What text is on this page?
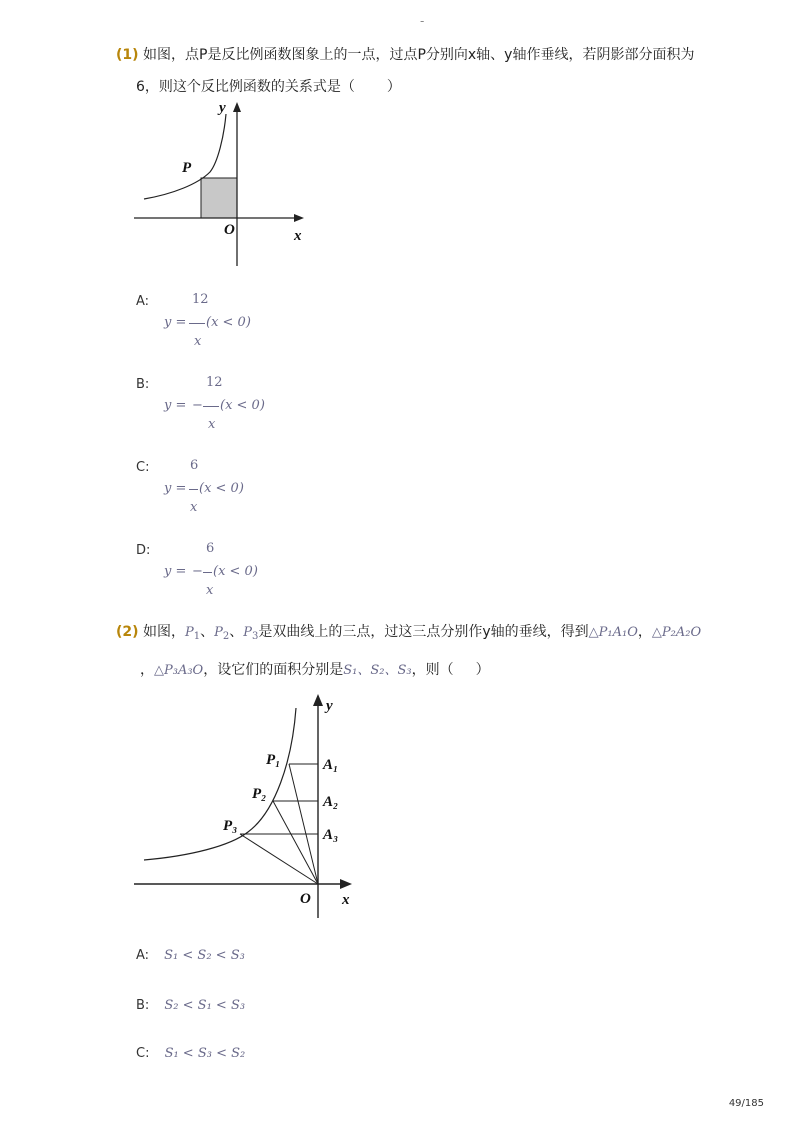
-
(1) 如图，点P是反比例函数图象上的一点，过点P分别向x轴、y轴作垂线，若阴影部分面积为
6，则这个反比例函数的关系式是（ ）
y
x
O
P
A:	12
y = (x < 0)
x
B:	12
y = − (x < 0)
x
C:	6
y = (x < 0)
x
D:	6
y = − (x < 0)
x
(2) 如图，$P_1$、$P_2$、$P_3$是双曲线上的三点，过这三点分别作y轴的垂线，得到△P₁A₁O，△P₂A₂O
，△P₃A₃O，设它们的面积分别是S₁、S₂、S₃，则（ ）
y
x
O
P₁
P₂
P₃
A₁
A₂
A₃
A: S₁ < S₂ < S₃
B: S₂ < S₁ < S₃
C: S₁ < S₃ < S₂
49/185
